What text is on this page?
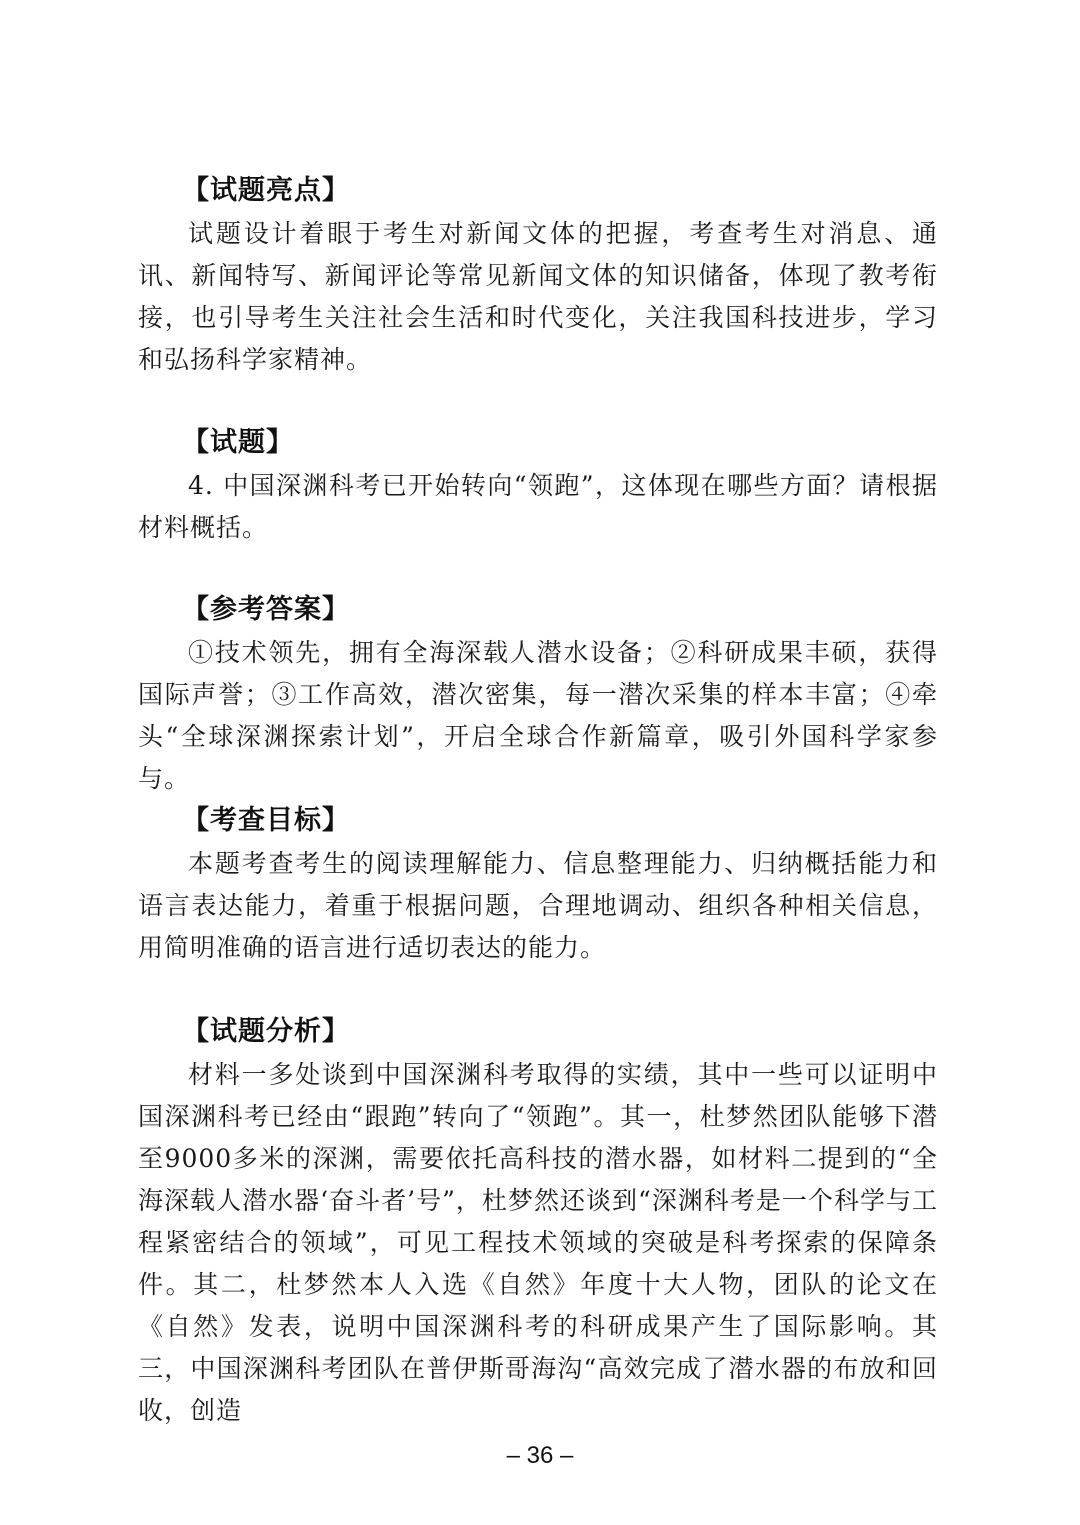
【试题亮点】

试题设计着眼于考生对新闻文体的把握，考查考生对消息、通讯、新闻特写、新闻评论等常见新闻文体的知识储备，体现了教考衔接，也引导考生关注社会生活和时代变化，关注我国科技进步，学习和弘扬科学家精神。

【试题】

4. 中国深渊科考已开始转向“领跑”，这体现在哪些方面？请根据材料概括。

【参考答案】

①技术领先，拥有全海深载人潜水设备；②科研成果丰硕，获得国际声誉；③工作高效，潜次密集，每一潜次采集的样本丰富；④牵头“全球深渊探索计划”，开启全球合作新篇章，吸引外国科学家参与。

【考查目标】

本题考查考生的阅读理解能力、信息整理能力、归纳概括能力和语言表达能力，着重于根据问题，合理地调动、组织各种相关信息，用简明准确的语言进行适切表达的能力。

【试题分析】

材料一多处谈到中国深渊科考取得的实绩，其中一些可以证明中国深渊科考已经由“跟跑”转向了“领跑”。其一，杜梦然团队能够下潜至9000多米的深渊，需要依托高科技的潜水器，如材料二提到的“全海深载人潜水器‘奋斗者’号”，杜梦然还谈到“深渊科考是一个科学与工程紧密结合的领域”，可见工程技术领域的突破是科考探索的保障条件。其二，杜梦然本人入选《自然》年度十大人物，团队的论文在《自然》发表，说明中国深渊科考的科研成果产生了国际影响。其三，中国深渊科考团队在普伊斯哥海沟“高效完成了潜水器的布放和回收，创造

– 36 –
